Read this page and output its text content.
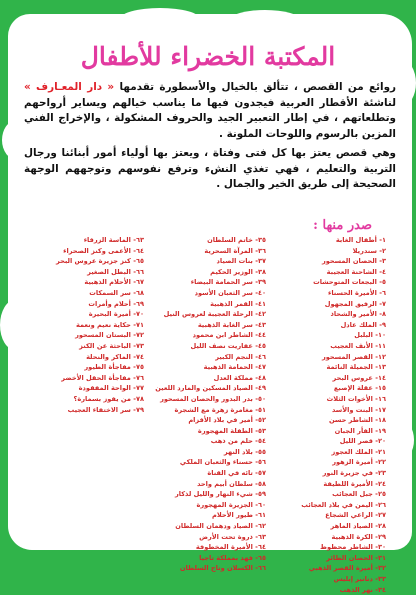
المكتبة الخضراء للأطفال

روائع من القصص ، تتألق بالخيال والأسطورة تقدمها « دار المعـارف » لناشئة الأقطار العربية فيجدون فيها ما يناسب خيالهم ويساير أرواحهم وتطلعاتهم ، في إطار التعبير الجيد والحروف المشكولة ، والإخراج الفني المزين بالرسوم واللوحات الملونة .

وهي قصص يعتز بها كل فتى وفتاة ، ويعتز بها أولياء أمور أبنائنا ورجال التربية والتعليم ، فهي تغذي النشء وترفع نفوسهم وتوجههم الوجهة الصحيحة إلى طريق الخير والجمال .

صدر منها :
١- أطفال الغابة
٢- سندريلا
٣- الحصان المسحور
٤- الشاحنة العجيبة
٥- البجعات المتوحشات
٦- الأميرة الحسناء
٧- الرفيق المجهول
٨- الأمير والشحاذ
٩- الملك عادل
١٠- البلبل
١١- الأنف العجيب
١٢- القصر المسحور
١٣- الجميلة النائمة
١٤- عروس البحر
١٥- عقلة الإصبع
١٦- الأخوات الثلاث
١٧- البنت والأسد
١٨- الشاطر حسن
١٩- الفأر الجبان
٢٠- قصر الليل
٢١- الملك العجوز
٢٢- أميرة الزهور
٢٣- في جزيرة النور
٢٤- الأميرة اللطيفة
٢٥- جبل العجائب
٢٦- اليمن في بلاد العجائب
٢٧- الراعي الشجاع
٢٨- الصياد الماهر
٢٩- الكرة الذهبية
٣٠- الشاطر محظوظ
٣١- الحصان الطائر
٣٢- أميرة القصر الذهبي
٣٣- دنانير إبليس
٣٤- نهر الذهب
٣٥- خاتم السلطان
٣٦- المرآة السحرية
٣٧- بنات الصياد
٣٨- الوزير الحكيم
٣٩- سر الحمامة البيضاء
٤٠- سر الثعبان الأسود
٤١- القمر الذهبية
٤٢- الرحلة العجيبة لعروس النيل
٤٣- سر الغابة الذهبية
٤٤- الشاطر ابن محمود
٤٥- عفاريت نصف الليل
٤٦- النجم الكبير
٤٧- الحمامة الذهبية
٤٨- مملكة العدل
٤٩- الصياد المسكين والمارد اللعين
٥٠- بدر البدور والحصان المسحور
٥١- مغامرة زهرة مع الشجرة
٥٢- أمير في بلاد الأقزام
٥٣- الطفلة المهجورة
٥٤- حلم من ذهب
٥٥- بلاد النهر
٥٦- حسناء والثعبان الملكي
٥٧- تائه في القناة
٥٨- سلطان أبيم واحد
٥٩- شيء النهار والليل لذكار
٦٠- الجزيرة المهجورة
٦١- طيور الأحلام
٦٢- الصياد ودهمان السلطان
٦٣- ذروة تحت الأرض
٦٤- الأميرة المخطوفة
٦٥- فهد بمملكة تاجيا
٦٦- الكسلان وتاج السلطان
٦٣- الماسة الزرقاء
٦٤- الأعمى وكنز الصحراء
٦٥- كنز جزيرة عروس البحر
٦٦- البطل الصغير
٦٧- الأحلام الذهبية
٦٨- سر السمكات
٦٩- أحلام وأمرات
٧٠- أميرة البحيرة
٧١- حكاية نعيم ونعمة
٧٢- البستان المسحور
٧٣- الباحثة عن الكنز
٧٤- الماكر والنحلة
٧٥- مفاجأة الطيور
٧٦- مفاجأة الحقل الأخضر
٧٧- الواحة المفقودة
٧٨- من يفوز بسمارة؟
٧٩- سر الاختفاء العجيب
